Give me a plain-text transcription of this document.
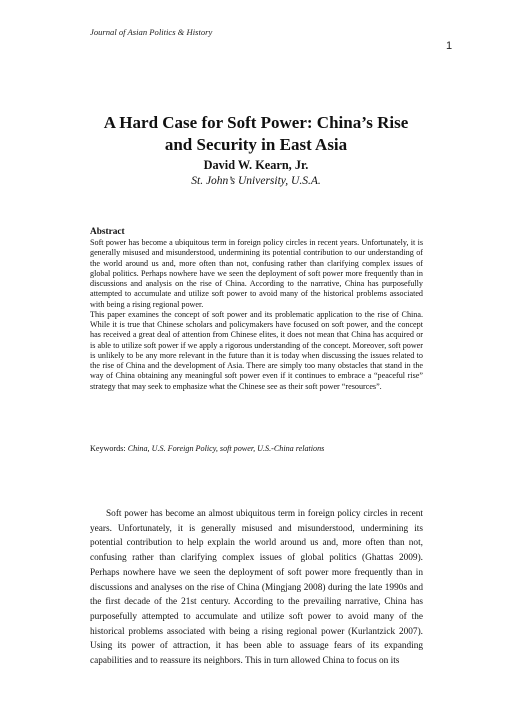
Journal of Asian Politics & History
1
A Hard Case for Soft Power: China’s Rise and Security in East Asia
David W. Kearn, Jr.
St. John’s University, U.S.A.
Abstract

Soft power has become a ubiquitous term in foreign policy circles in recent years. Unfortunately, it is generally misused and misunderstood, undermining its potential contribution to our understanding of the world around us and, more often than not, confusing rather than clarifying complex issues of global politics. Perhaps nowhere have we seen the deployment of soft power more frequently than in discussions and analysis on the rise of China. According to the narrative, China has purposefully attempted to accumulate and utilize soft power to avoid many of the historical problems associated with being a rising regional power.

This paper examines the concept of soft power and its problematic application to the rise of China. While it is true that Chinese scholars and policymakers have focused on soft power, and the concept has received a great deal of attention from Chinese elites, it does not mean that China has acquired or is able to utilize soft power if we apply a rigorous understanding of the concept. Moreover, soft power is unlikely to be any more relevant in the future than it is today when discussing the issues related to the rise of China and the development of Asia. There are simply too many obstacles that stand in the way of China obtaining any meaningful soft power even if it continues to embrace a “peaceful rise” strategy that may seek to emphasize what the Chinese see as their soft power “resources”.

Keywords: China, U.S. Foreign Policy, soft power, U.S.-China relations

Soft power has become an almost ubiquitous term in foreign policy circles in recent years. Unfortunately, it is generally misused and misunderstood, undermining its potential contribution to help explain the world around us and, more often than not, confusing rather than clarifying complex issues of global politics (Ghattas 2009). Perhaps nowhere have we seen the deployment of soft power more frequently than in discussions and analyses on the rise of China (Mingjang 2008) during the late 1990s and the first decade of the 21st century. According to the prevailing narrative, China has purposefully attempted to accumulate and utilize soft power to avoid many of the historical problems associated with being a rising regional power (Kurlantzick 2007). Using its power of attraction, it has been able to assuage fears of its expanding capabilities and to reassure its neighbors. This in turn allowed China to focus on its
